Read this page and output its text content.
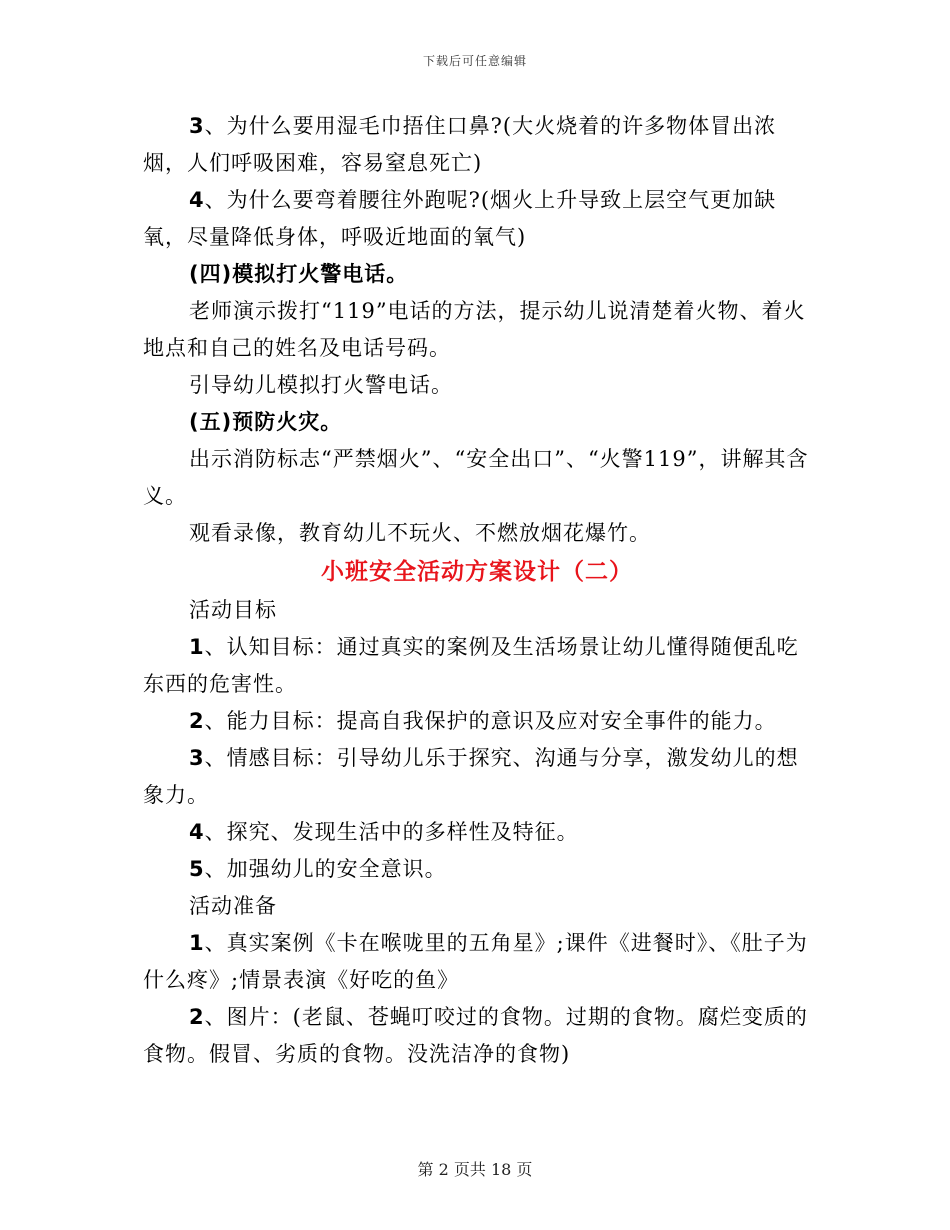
下载后可任意编辑

3、为什么要用湿毛巾捂住口鼻?(大火烧着的许多物体冒出浓烟，人们呼吸困难，容易窒息死亡)

4、为什么要弯着腰往外跑呢?(烟火上升导致上层空气更加缺氧，尽量降低身体，呼吸近地面的氧气)

(四)模拟打火警电话。

老师演示拨打“119”电话的方法，提示幼儿说清楚着火物、着火地点和自己的姓名及电话号码。

引导幼儿模拟打火警电话。

(五)预防火灾。

出示消防标志“严禁烟火”、“安全出口”、“火警119”，讲解其含义。

观看录像，教育幼儿不玩火、不燃放烟花爆竹。

小班安全活动方案设计（二）

活动目标

1、认知目标：通过真实的案例及生活场景让幼儿懂得随便乱吃东西的危害性。

2、能力目标：提高自我保护的意识及应对安全事件的能力。

3、情感目标：引导幼儿乐于探究、沟通与分享，激发幼儿的想象力。

4、探究、发现生活中的多样性及特征。

5、加强幼儿的安全意识。

活动准备

1、真实案例《卡在喉咙里的五角星》;课件《进餐时》、《肚子为什么疼》;情景表演《好吃的鱼》

2、图片：(老鼠、苍蝇叮咬过的食物。过期的食物。腐烂变质的食物。假冒、劣质的食物。没洗洁净的食物)

第 2 页共 18 页
